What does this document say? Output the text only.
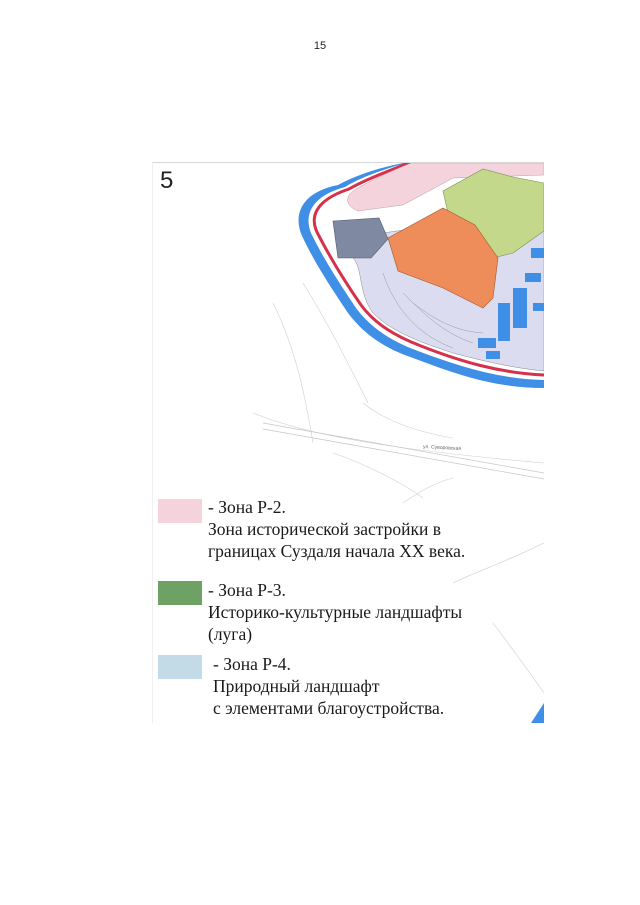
15
5
ул. Суворовская
- Зона Р-2.
Зона исторической застройки в
границах Суздаля начала XX века.
- Зона Р-3.
Историко-культурные ландшафты
(луга)
- Зона Р-4.
Природный ландшафт
с элементами благоустройства.
